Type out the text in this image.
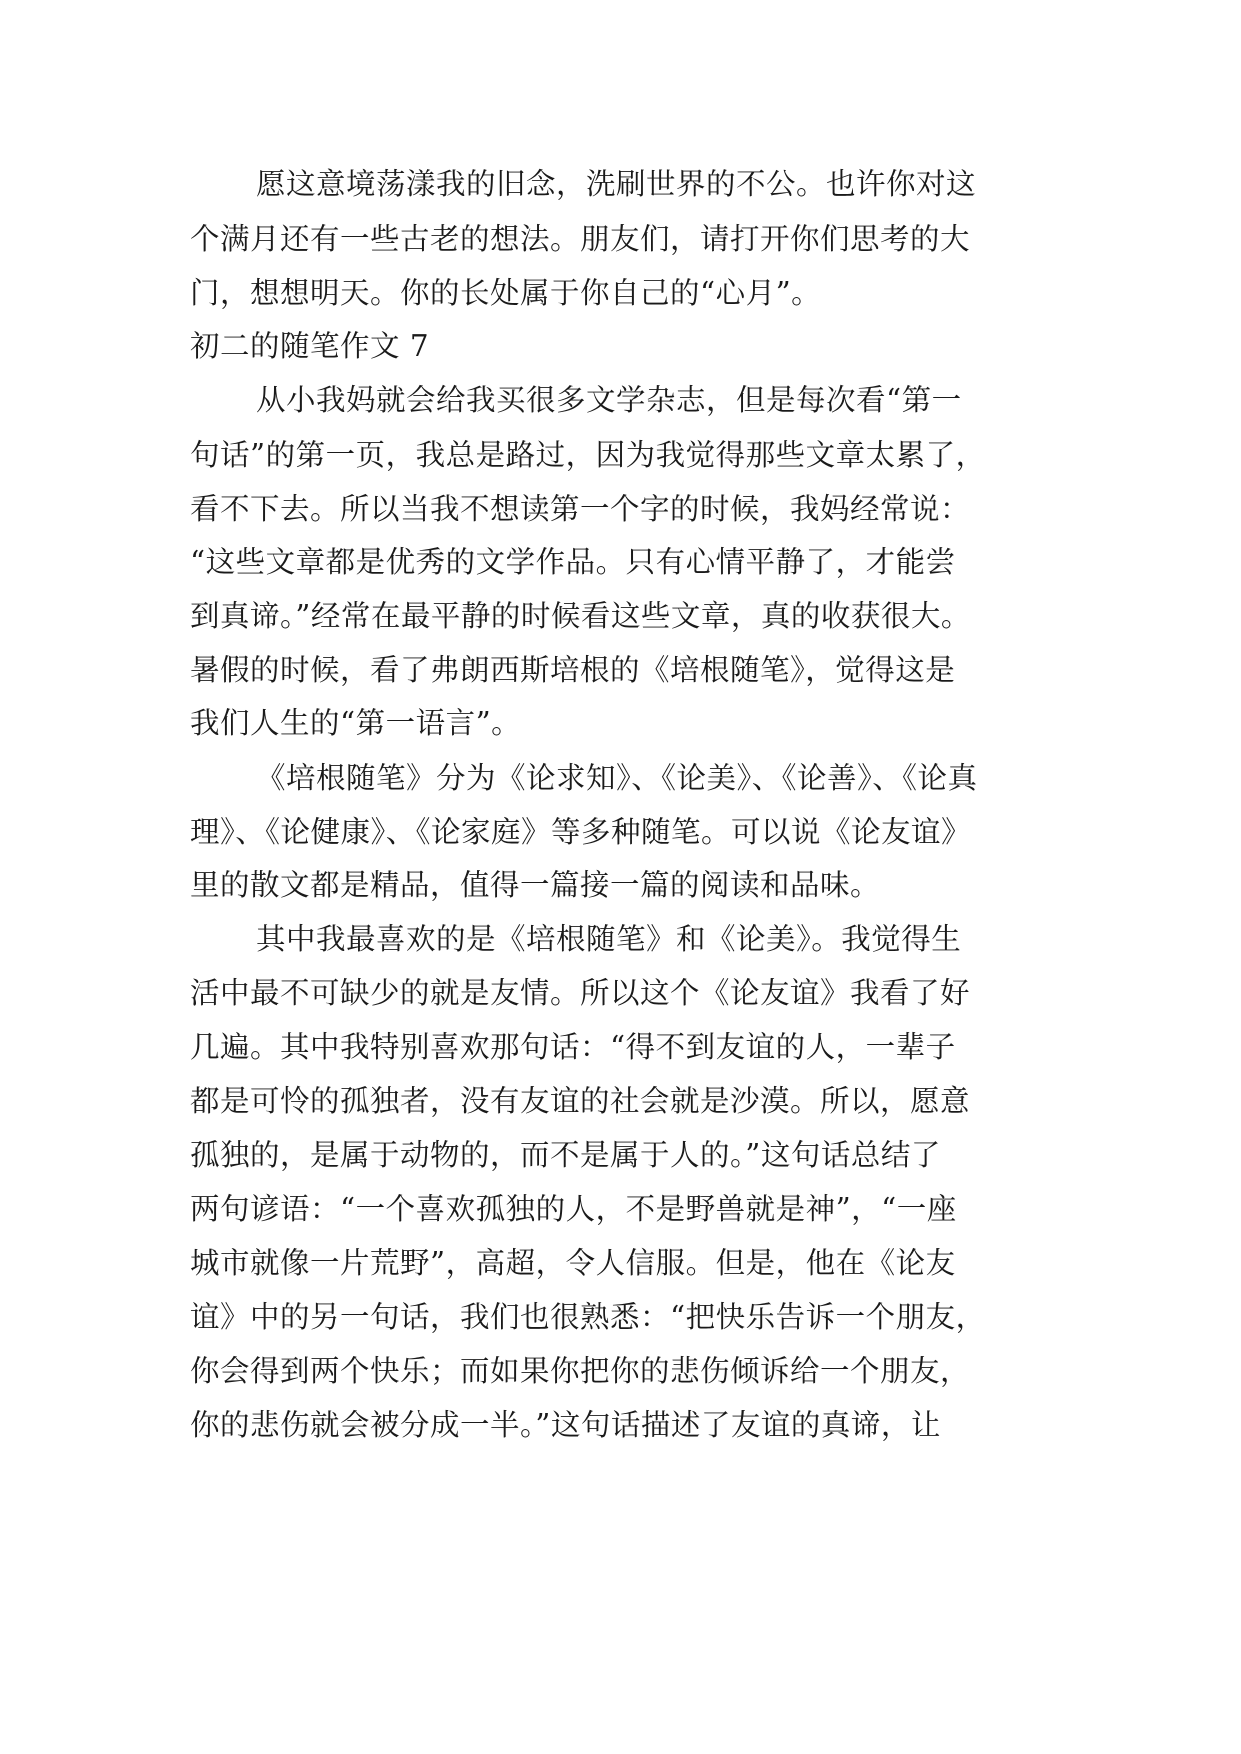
愿这意境荡漾我的旧念，洗刷世界的不公。也许你对这
个满月还有一些古老的想法。朋友们，请打开你们思考的大
门，想想明天。你的长处属于你自己的“心月”。
初二的随笔作文 7
从小我妈就会给我买很多文学杂志，但是每次看“第一
句话”的第一页，我总是路过，因为我觉得那些文章太累了，
看不下去。所以当我不想读第一个字的时候，我妈经常说：
“这些文章都是优秀的文学作品。只有心情平静了，才能尝
到真谛。”经常在最平静的时候看这些文章，真的收获很大。
暑假的时候，看了弗朗西斯培根的《培根随笔》，觉得这是
我们人生的“第一语言”。
《培根随笔》分为《论求知》、《论美》、《论善》、《论真
理》、《论健康》、《论家庭》等多种随笔。可以说《论友谊》
里的散文都是精品，值得一篇接一篇的阅读和品味。
其中我最喜欢的是《培根随笔》和《论美》。我觉得生
活中最不可缺少的就是友情。所以这个《论友谊》我看了好
几遍。其中我特别喜欢那句话：“得不到友谊的人，一辈子
都是可怜的孤独者，没有友谊的社会就是沙漠。所以，愿意
孤独的，是属于动物的，而不是属于人的。”这句话总结了
两句谚语：“一个喜欢孤独的人，不是野兽就是神”，“一座
城市就像一片荒野”，高超，令人信服。但是，他在《论友
谊》中的另一句话，我们也很熟悉：“把快乐告诉一个朋友，
你会得到两个快乐；而如果你把你的悲伤倾诉给一个朋友，
你的悲伤就会被分成一半。”这句话描述了友谊的真谛，让
